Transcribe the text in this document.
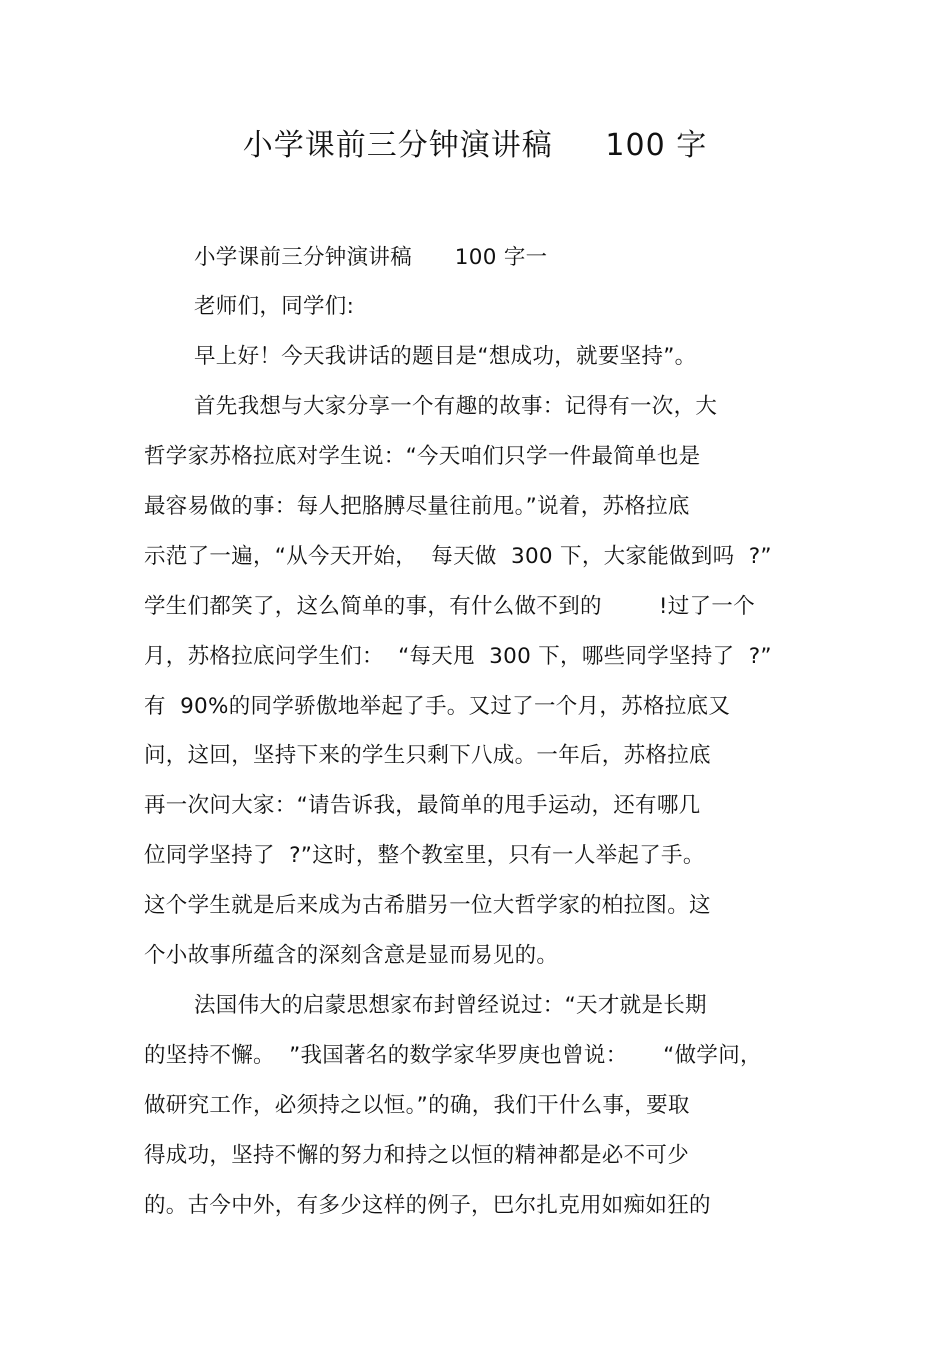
小学课前三分钟演讲稿     100 字
小学课前三分钟演讲稿      100 字一
老师们，同学们:
早上好！今天我讲话的题目是“想成功，就要坚持”。
首先我想与大家分享一个有趣的故事：记得有一次，大
哲学家苏格拉底对学生说：“今天咱们只学一件最简单也是
最容易做的事：每人把胳膊尽量往前甩。”说着，苏格拉底
示范了一遍，“从今天开始，  每天做  300 下，大家能做到吗  ?”
学生们都笑了，这么简单的事，有什么做不到的        !过了一个
月，苏格拉底问学生们：  “每天甩  300 下，哪些同学坚持了  ?”
有  90%的同学骄傲地举起了手。又过了一个月，苏格拉底又
问，这回，坚持下来的学生只剩下八成。一年后，苏格拉底
再一次问大家：“请告诉我，最简单的甩手运动，还有哪几
位同学坚持了  ?”这时，整个教室里，只有一人举起了手。
这个学生就是后来成为古希腊另一位大哲学家的柏拉图。这
个小故事所蕴含的深刻含意是显而易见的。
法国伟大的启蒙思想家布封曾经说过：“天才就是长期
的坚持不懈。  ”我国著名的数学家华罗庚也曾说：     “做学问，
做研究工作，必须持之以恒。”的确，我们干什么事，要取
得成功，坚持不懈的努力和持之以恒的精神都是必不可少
的。古今中外，有多少这样的例子，巴尔扎克用如痴如狂的
